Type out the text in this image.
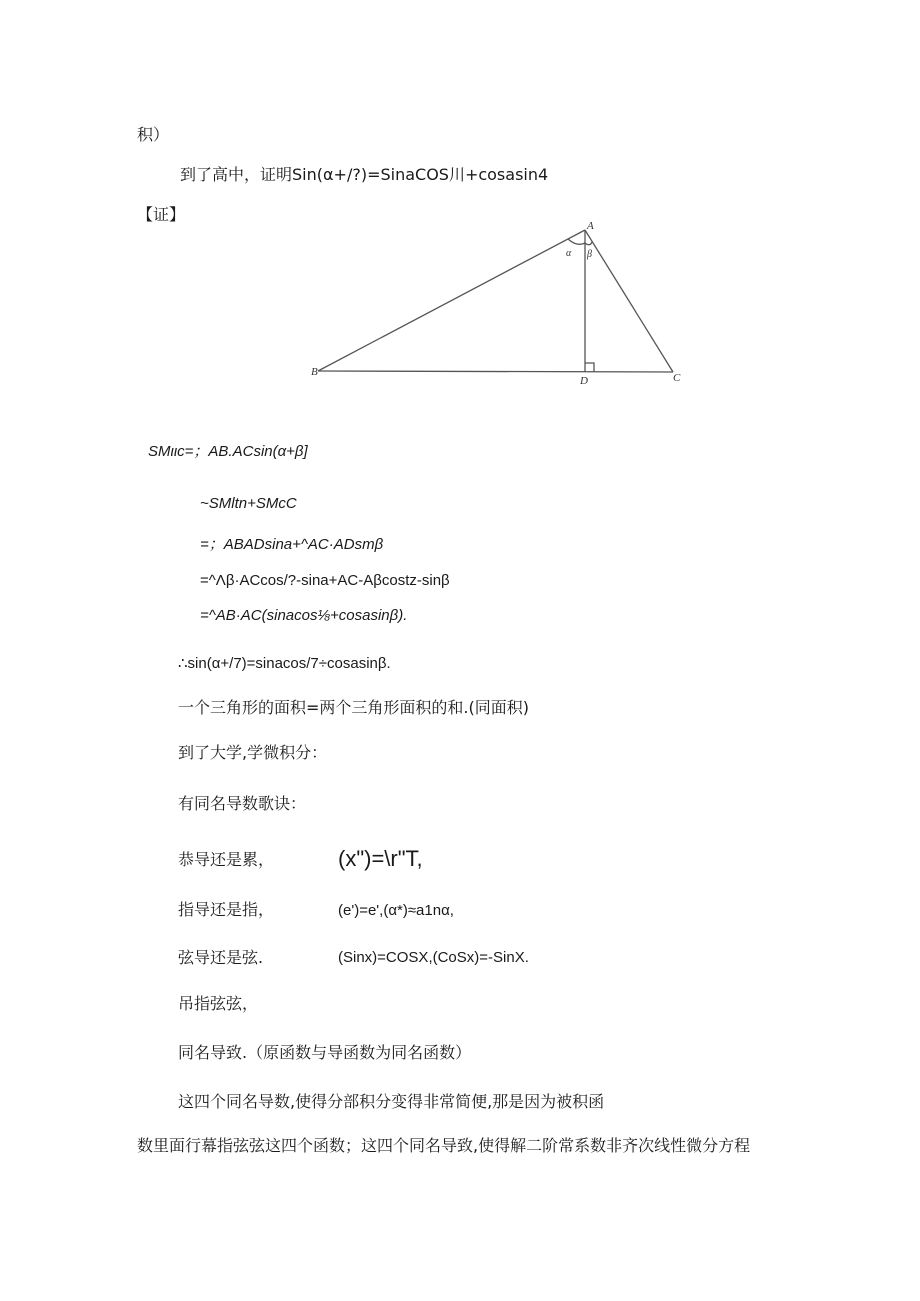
积）
到了高中，证明Sin(α+/?)=SinaCOS川+cosasin4
【证】
A
α β
B
D	C
SMιιc=；AB.ACsin(α+β]
~SMltn+SMcC
=；ABADsina+^AC·ADsmβ
=^Λβ·ACcos/?-sina+AC-Aβcostz-sinβ
=^AB·AC(sinacos⅛+cosasinβ).
∴sin(α+/7)=sinacos/7÷cosasinβ.
一个三角形的面积=两个三角形面积的和.(同面积)
到了大学,学微积分：
有同名导数歌诀：
恭导还是累，	(x")=\r"T,
指导还是指，	(e')=e',(α*)≈a1nα,
弦导还是弦.	(Sinx)=COSX,(CoSx)=-SinX.
吊指弦弦，
同名导致.（原函数与导函数为同名函数）
这四个同名导数,使得分部积分变得非常简便,那是因为被积函
数里面行幕指弦弦这四个函数；这四个同名导致,使得解二阶常系数非齐次线性微分方程
